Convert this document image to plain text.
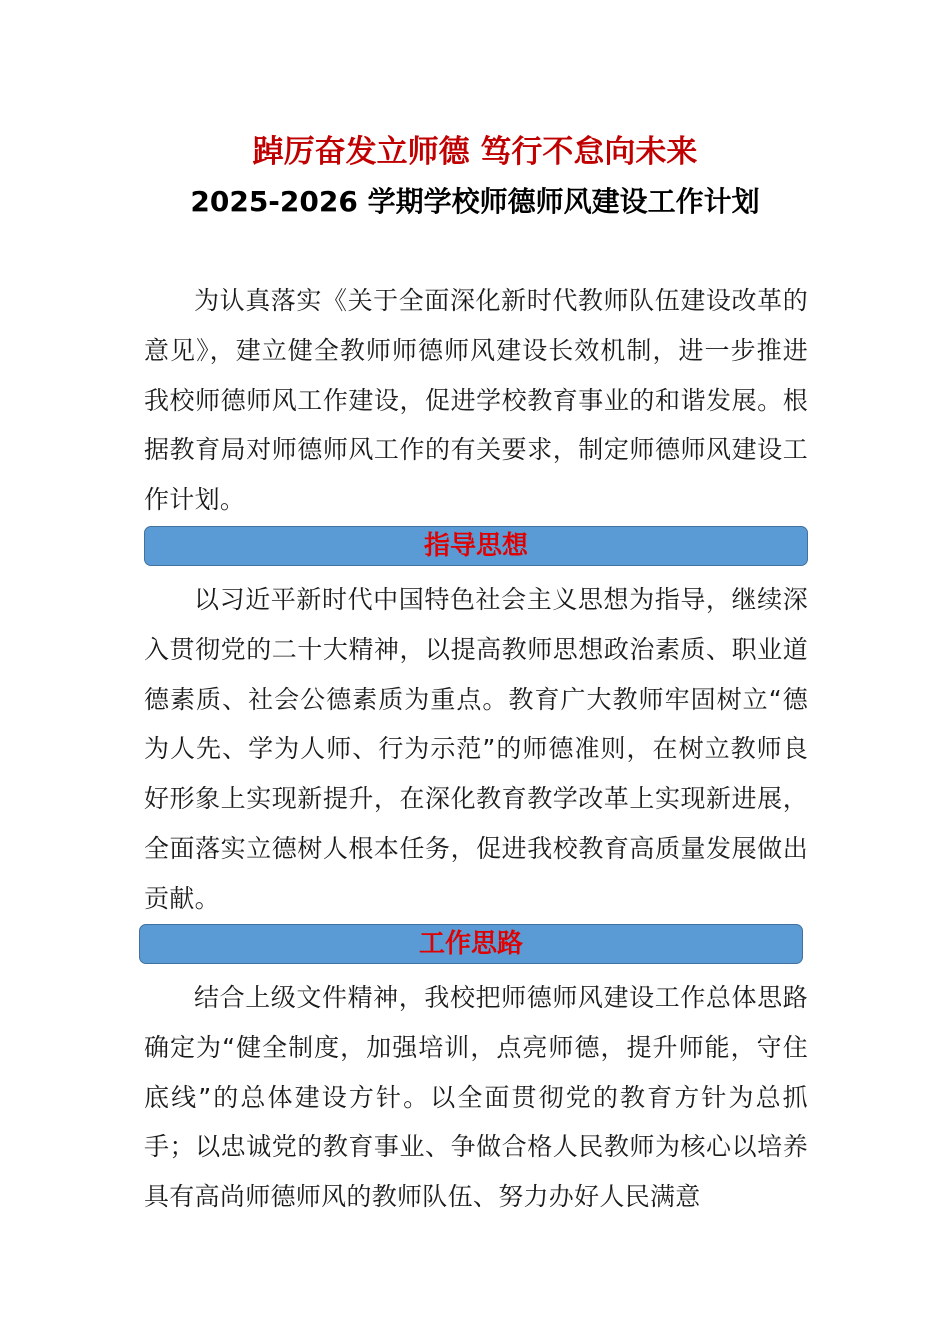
踔厉奋发立师德 笃行不怠向未来
2025-2026 学期学校师德师风建设工作计划

为认真落实《关于全面深化新时代教师队伍建设改革的意见》，建立健全教师师德师风建设长效机制，进一步推进我校师德师风工作建设，促进学校教育事业的和谐发展。根据教育局对师德师风工作的有关要求，制定师德师风建设工作计划。

指导思想

以习近平新时代中国特色社会主义思想为指导，继续深入贯彻党的二十大精神，以提高教师思想政治素质、职业道德素质、社会公德素质为重点。教育广大教师牢固树立“德为人先、学为人师、行为示范”的师德准则，在树立教师良好形象上实现新提升，在深化教育教学改革上实现新进展，全面落实立德树人根本任务，促进我校教育高质量发展做出贡献。

工作思路

结合上级文件精神，我校把师德师风建设工作总体思路确定为“健全制度，加强培训，点亮师德，提升师能，守住底线”的总体建设方针。以全面贯彻党的教育方针为总抓手；以忠诚党的教育事业、争做合格人民教师为核心以培养具有高尚师德师风的教师队伍、努力办好人民满意
